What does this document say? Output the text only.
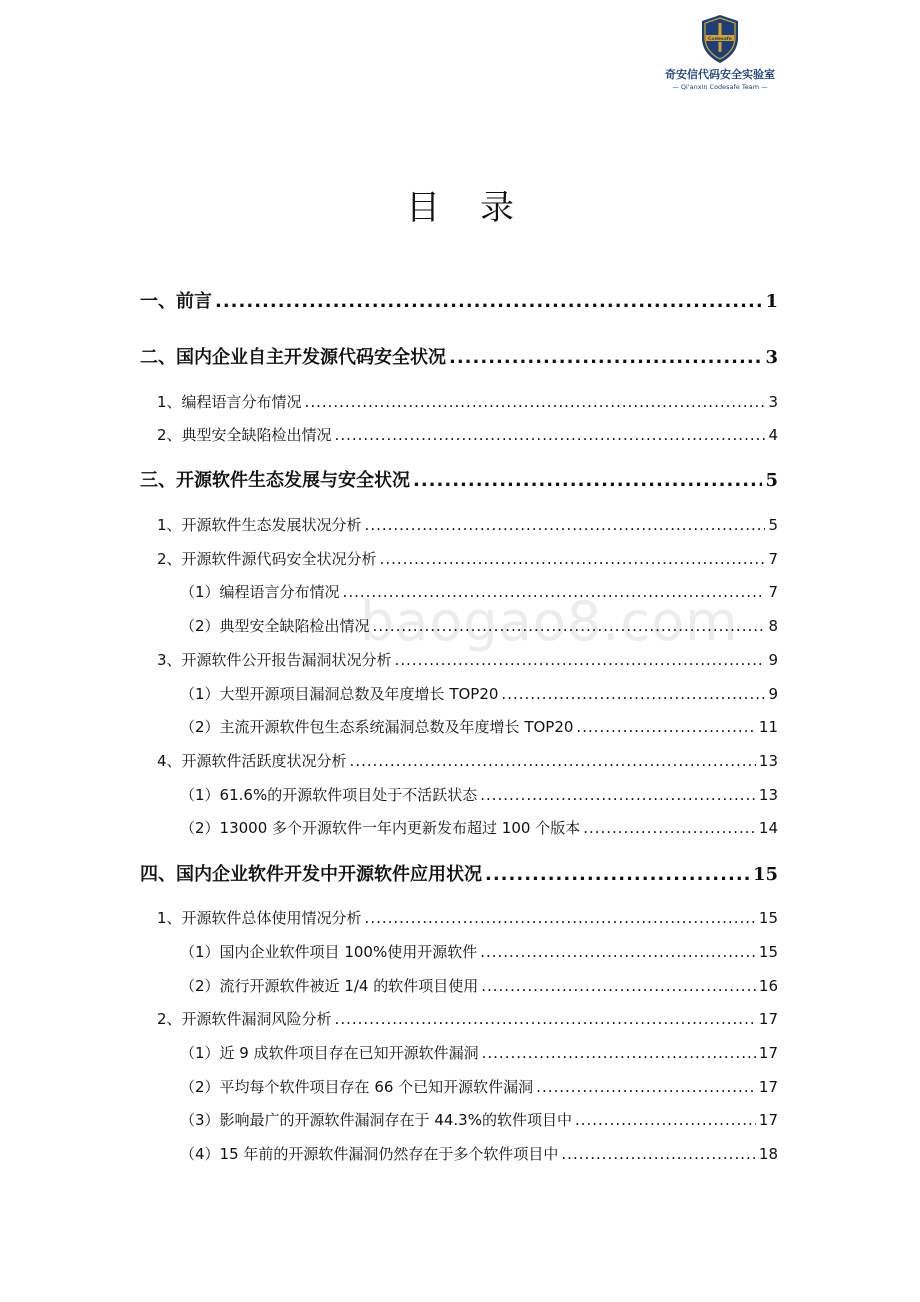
Codesafe
奇安信代码安全实验室
— Qi'anxin Codesafe Team —
目录
baogao8.com
一、前言 .....	1
二、国内企业自主开发源代码安全状况 .....	3
1、编程语言分布情况 .....	3
2、典型安全缺陷检出情况 .....	4
三、开源软件生态发展与安全状况 .....	5
1、开源软件生态发展状况分析 .....	5
2、开源软件源代码安全状况分析 .....	7
（1）编程语言分布情况 .....	7
（2）典型安全缺陷检出情况 .....	8
3、开源软件公开报告漏洞状况分析 .....	9
（1）大型开源项目漏洞总数及年度增长 TOP20 .....	9
（2）主流开源软件包生态系统漏洞总数及年度增长 TOP20 .....	11
4、开源软件活跃度状况分析 .....	13
（1）61.6%的开源软件项目处于不活跃状态 .....	13
（2）13000 多个开源软件一年内更新发布超过 100 个版本 .....	14
四、国内企业软件开发中开源软件应用状况 .....	15
1、开源软件总体使用情况分析 .....	15
（1）国内企业软件项目 100%使用开源软件 .....	15
（2）流行开源软件被近 1/4 的软件项目使用 .....	16
2、开源软件漏洞风险分析 .....	17
（1）近 9 成软件项目存在已知开源软件漏洞 .....	17
（2）平均每个软件项目存在 66 个已知开源软件漏洞 .....	17
（3）影响最广的开源软件漏洞存在于 44.3%的软件项目中 .....	17
（4）15 年前的开源软件漏洞仍然存在于多个软件项目中 .....	18
